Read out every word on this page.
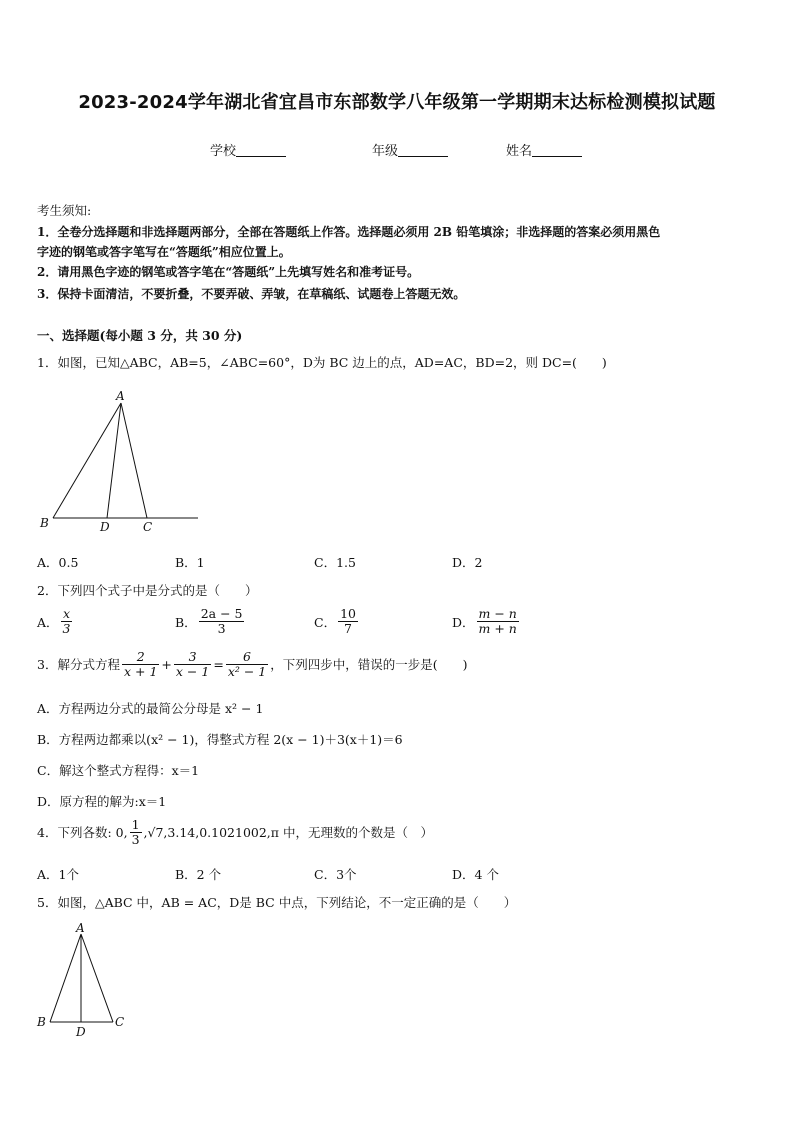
2023-2024学年湖北省宜昌市东部数学八年级第一学期期末达标检测模拟试题
学校	年级	姓名
考生须知:
1．全卷分选择题和非选择题两部分，全部在答题纸上作答。选择题必须用 2B 铅笔填涂；非选择题的答案必须用黑色
字迹的钢笔或答字笔写在“答题纸”相应位置上。
2．请用黑色字迹的钢笔或答字笔在“答题纸”上先填写姓名和准考证号。
3．保持卡面清洁，不要折叠，不要弄破、弄皱，在草稿纸、试题卷上答题无效。
一、选择题(每小题 3 分，共 30 分)
1．如图，已知△ABC，AB=5，∠ABC=60°，D为 BC 边上的点，AD=AC，BD=2，则 DC=(　　)
A
B	D	C
A．0.5	B．1	C．1.5	D．2
2．下列四个式子中是分式的是（　　）
A． $\frac{x}{3}$	B． $\frac{2a - 5}{3}$	C． $\frac{10}{7}$	D． $\frac{m - n}{m + n}$
3．解分式方程 $\frac{2}{x + 1} + \frac{3}{x - 1} = \frac{6}{\text{x² − 1}}$ ，下列四步中，错误的一步是(　　)
A．方程两边分式的最简公分母是 x² − 1
B．方程两边都乘以(x² − 1)，得整式方程 2(x − 1)＋3(x＋1)＝6
C．解这个整式方程得：x＝1
D．原方程的解为:x＝1
4．下列各数: 0, $\frac{1}{3} ,√7,3.14,0.1021002,\pi$ 中，无理数的个数是（　）
A．1个	B．2 个	C．3个	D．4 个
5．如图，△ABC 中，AB = AC，D是 BC 中点，下列结论，不一定正确的是（　　）
A
B
D
C
